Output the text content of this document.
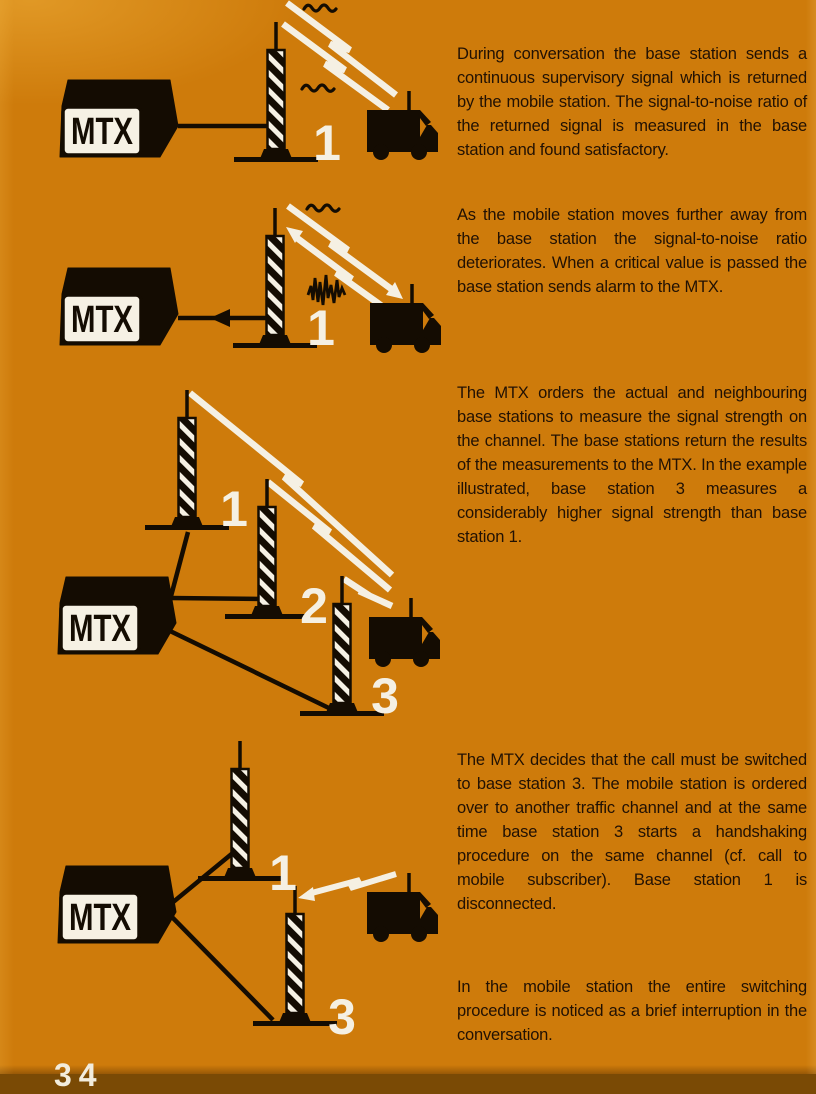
MTX	1
MTX	1
MTX
1
2
3
MTX
1
3

During conversation the base station sends a continuous supervisory signal which is returned by the mobile station. The signal-to-noise ratio of the returned signal is measured in the base station and found satisfactory.

As the mobile station moves further away from the base station the signal-to-noise ratio deteriorates. When a critical value is passed the base station sends alarm to the MTX.

The MTX orders the actual and neighbouring base stations to measure the signal strength on the channel. The base stations return the results of the measurements to the MTX. In the example illustrated, base station 3 measures a considerably higher signal strength than base station 1.

The MTX decides that the call must be switched to base station 3. The mobile station is ordered over to another traffic channel and at the same time base station 3 starts a handshaking procedure on the same channel (cf. call to mobile subscriber). Base station 1 is disconnected.

In the mobile station the entire switching procedure is noticed as a brief interruption in the conversation.

34
